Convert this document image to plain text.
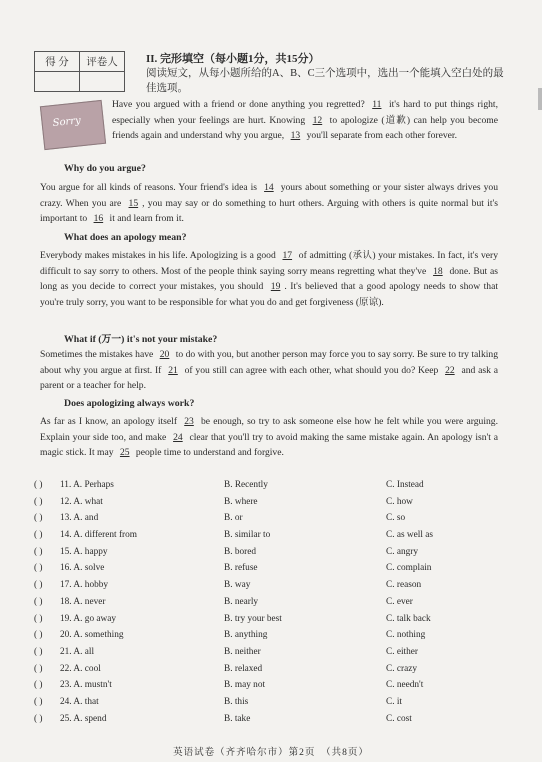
得 分	评卷人
		II. 完形填空（每小题1分，共15分）
阅读短文，从每小题所给的A、B、C三个选项中，选出一个能填入空白处的最佳选项。
Sorry
Have you argued with a friend or done anything you regretted? 11 it's hard to put things right, especially when your feelings are hurt. Knowing 12 to apologize (道歉) can help you become friends again and understand why you argue, 13 you'll separate from each other forever.
Why do you argue?
You argue for all kinds of reasons. Your friend's idea is 14 yours about something or your sister always drives you crazy. When you are 15 , you may say or do something to hurt others. Arguing with others is quite normal but it's important to 16 it and learn from it.
What does an apology mean?
Everybody makes mistakes in his life. Apologizing is a good 17 of admitting (承认) your mistakes. In fact, it's very difficult to say sorry to others. Most of the people think saying sorry means regretting what they've 18 done. But as long as you decide to correct your mistakes, you should 19 . It's believed that a good apology needs to show that you're truly sorry, you want to be responsible for what you do and get forgiveness (原谅).
What if (万一) it's not your mistake?
Sometimes the mistakes have 20 to do with you, but another person may force you to say sorry. Be sure to try talking about why you argue at first. If 21 of you still can agree with each other, what should you do? Keep 22 and ask a parent or a teacher for help.
Does apologizing always work?
As far as I know, an apology itself 23 be enough, so try to ask someone else how he felt while you were arguing. Explain your side too, and make 24 clear that you'll try to avoid making the same mistake again. An apology isn't a magic stick. It may 25 people time to understand and forgive.
( ) 11. A. Perhaps	B. Recently	C. Instead
( ) 12. A. what	B. where	C. how
( ) 13. A. and	B. or	C. so
( ) 14. A. different from	B. similar to	C. as well as
( ) 15. A. happy	B. bored	C. angry
( ) 16. A. solve	B. refuse	C. complain
( ) 17. A. hobby	B. way	C. reason
( ) 18. A. never	B. nearly	C. ever
( ) 19. A. go away	B. try your best	C. talk back
( ) 20. A. something	B. anything	C. nothing
( ) 21. A. all	B. neither	C. either
( ) 22. A. cool	B. relaxed	C. crazy
( ) 23. A. mustn't	B. may not	C. needn't
( ) 24. A. that	B. this	C. it
( ) 25. A. spend	B. take	C. cost
英语试卷（齐齐哈尔市）第2页　（共8页）
